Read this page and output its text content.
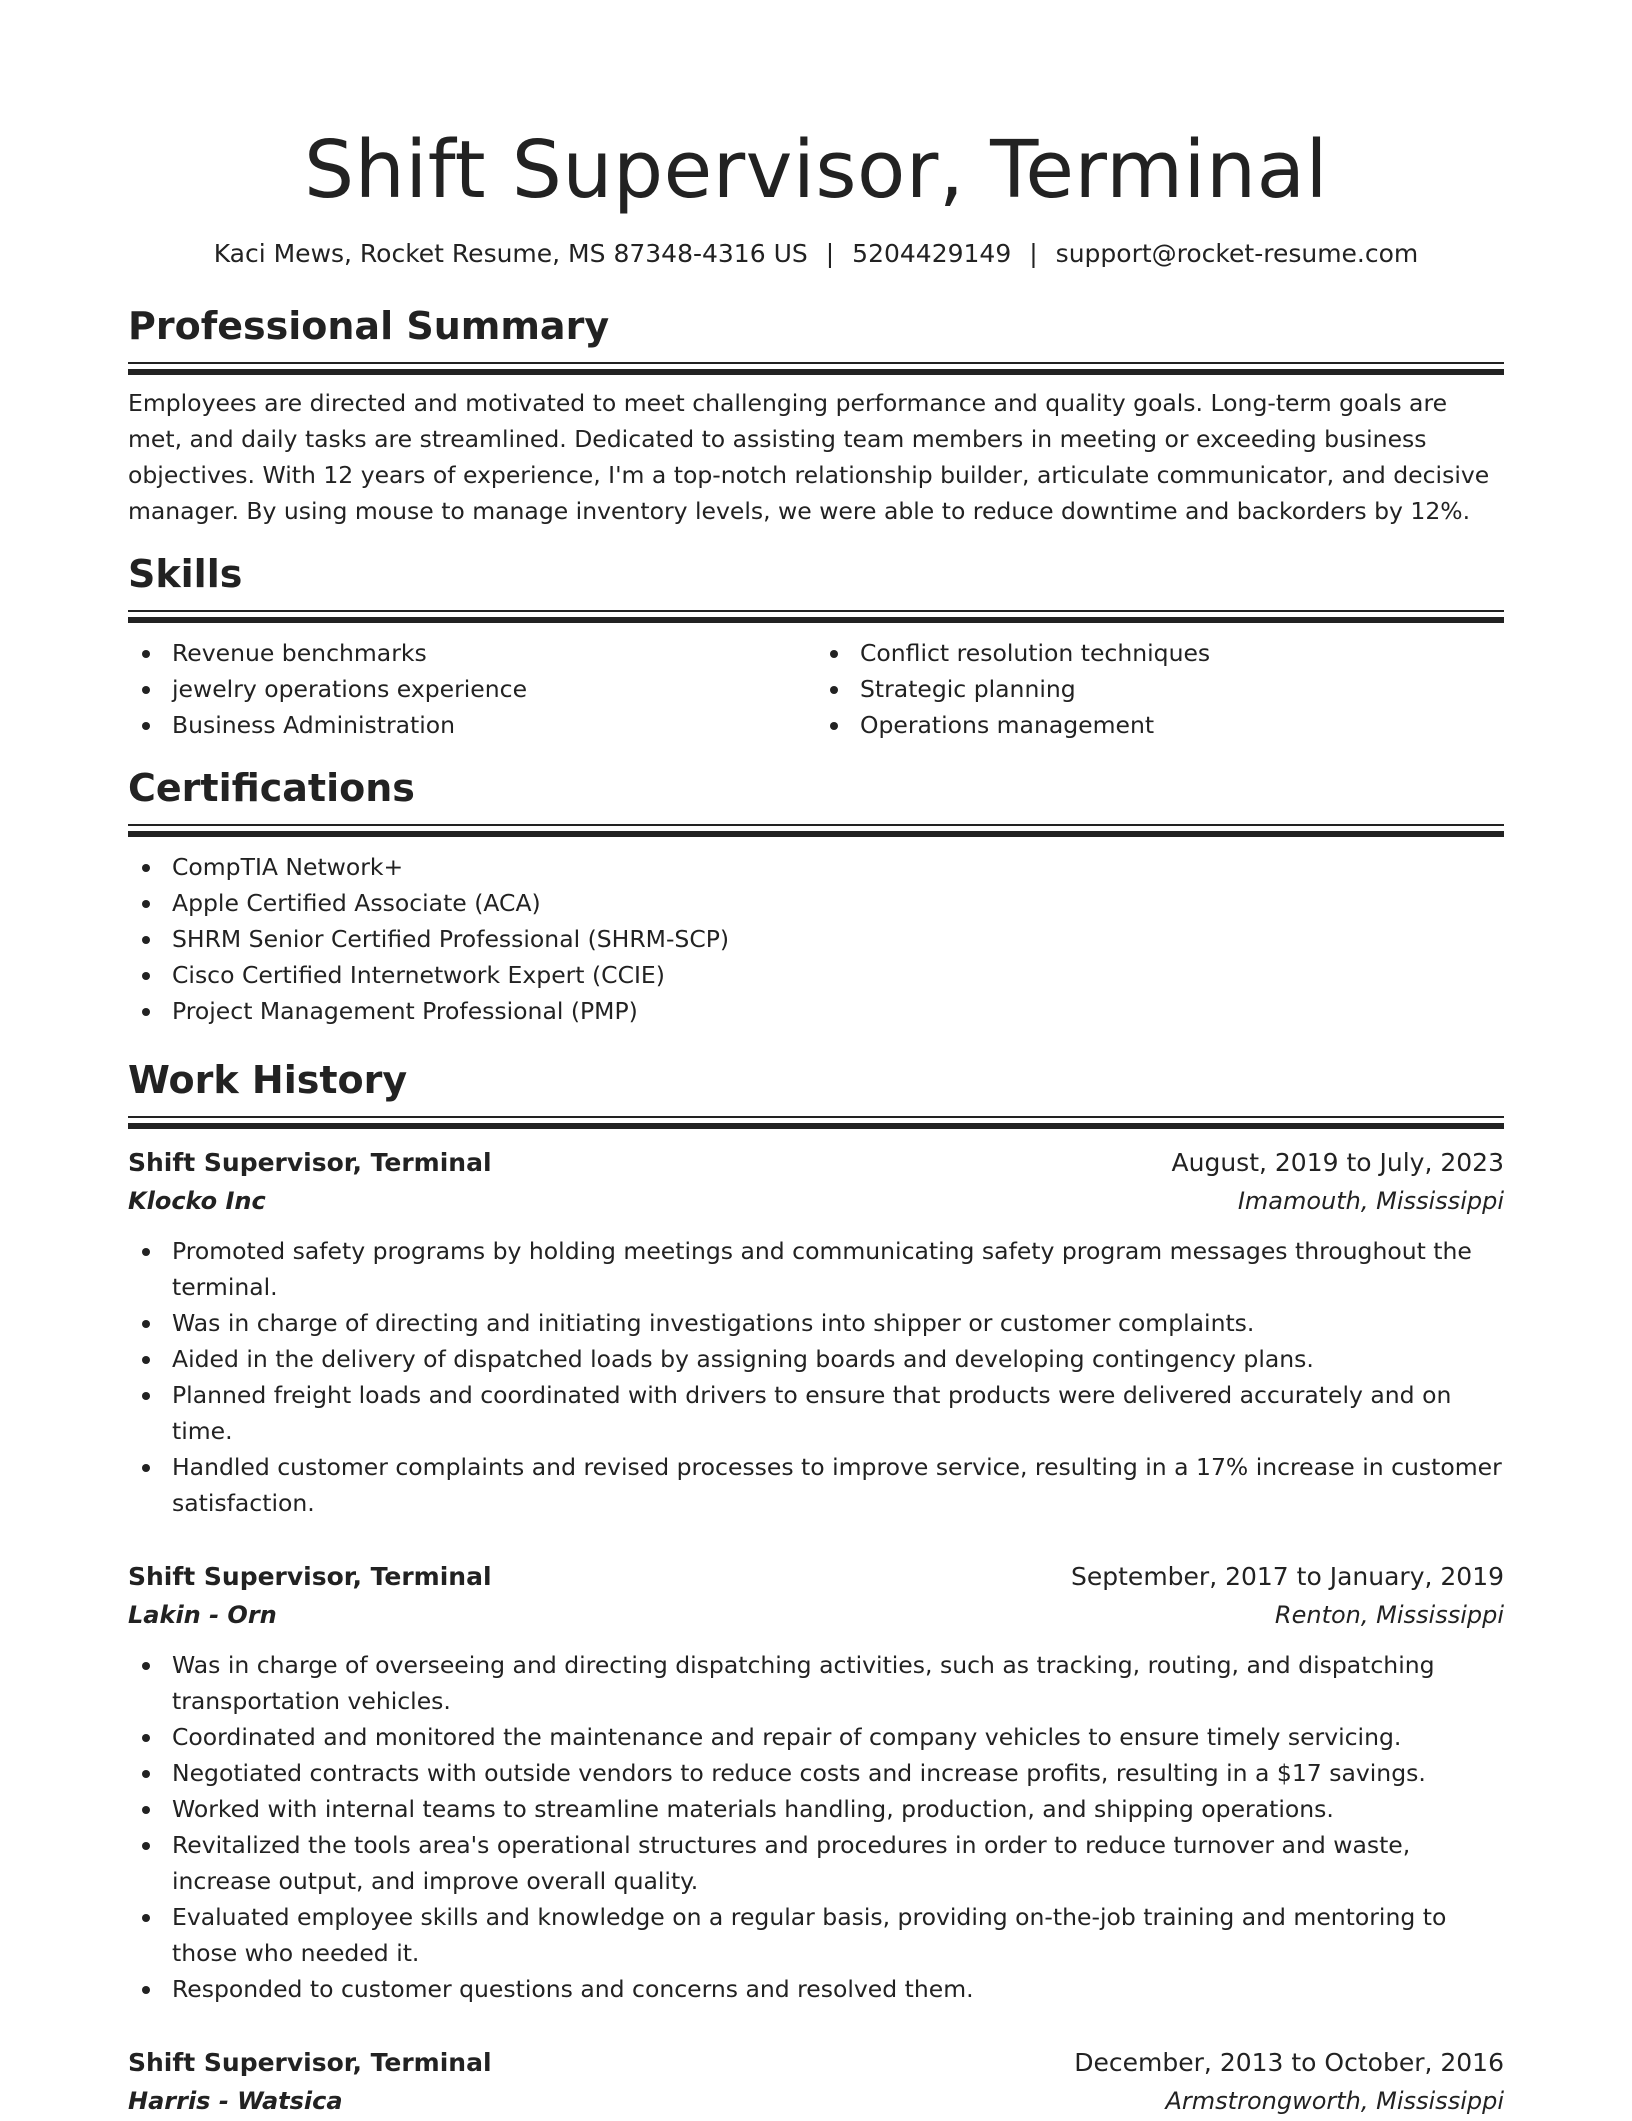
Shift Supervisor, Terminal
Kaci Mews, Rocket Resume, MS 87348-4316 US | 5204429149 | support@rocket-resume.com
Professional Summary

Employees are directed and motivated to meet challenging performance and quality goals. Long-term goals are met, and daily tasks are streamlined. Dedicated to assisting team members in meeting or exceeding business objectives. With 12 years of experience, I'm a top-notch relationship builder, articulate communicator, and decisive manager. By using mouse to manage inventory levels, we were able to reduce downtime and backorders by 12%.

Skills
Revenue benchmarks
jewelry operations experience
Business Administration
Conflict resolution techniques
Strategic planning
Operations management
Certifications
CompTIA Network+
Apple Certified Associate (ACA)
SHRM Senior Certified Professional (SHRM-SCP)
Cisco Certified Internetwork Expert (CCIE)
Project Management Professional (PMP)
Work History
Shift Supervisor, Terminal	August, 2019 to July, 2023
Klocko Inc	Imamouth, Mississippi
Promoted safety programs by holding meetings and communicating safety program messages throughout the terminal.
Was in charge of directing and initiating investigations into shipper or customer complaints.
Aided in the delivery of dispatched loads by assigning boards and developing contingency plans.
Planned freight loads and coordinated with drivers to ensure that products were delivered accurately and on time.
Handled customer complaints and revised processes to improve service, resulting in a 17% increase in customer satisfaction.
Shift Supervisor, Terminal	September, 2017 to January, 2019
Lakin - Orn	Renton, Mississippi
Was in charge of overseeing and directing dispatching activities, such as tracking, routing, and dispatching transportation vehicles.
Coordinated and monitored the maintenance and repair of company vehicles to ensure timely servicing.
Negotiated contracts with outside vendors to reduce costs and increase profits, resulting in a $17 savings.
Worked with internal teams to streamline materials handling, production, and shipping operations.
Revitalized the tools area's operational structures and procedures in order to reduce turnover and waste, increase output, and improve overall quality.
Evaluated employee skills and knowledge on a regular basis, providing on-the-job training and mentoring to those who needed it.
Responded to customer questions and concerns and resolved them.
Shift Supervisor, Terminal	December, 2013 to October, 2016
Harris - Watsica	Armstrongworth, Mississippi
